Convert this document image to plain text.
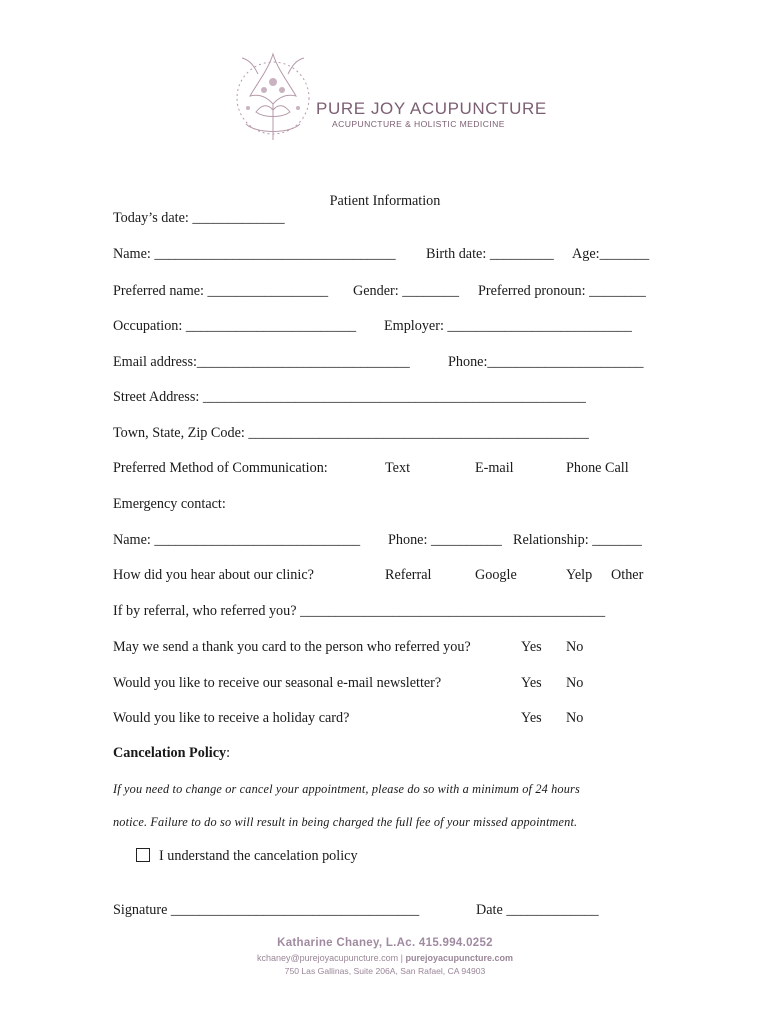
PURE JOY ACUPUNCTURE
ACUPUNCTURE & HOLISTIC MEDICINE
Patient Information
Today’s date: _____________
Name: __________________________________ Birth date: _________ Age:_______
Preferred name: _________________ Gender: ________ Preferred pronoun: ________
Occupation: ________________________ Employer: __________________________
Email address:______________________________	Phone:______________________
Street Address: ______________________________________________________
Town, State, Zip Code: ________________________________________________
Preferred Method of Communication:	Text	E-mail	Phone Call
Emergency contact:
Name: _____________________________ Phone: __________ Relationship: _______
How did you hear about our clinic?	Referral	Google	Yelp Other
If by referral, who referred you? ___________________________________________
May we send a thank you card to the person who referred you?	Yes No
Would you like to receive our seasonal e-mail newsletter?	Yes No
Would you like to receive a holiday card?	Yes No
Cancelation Policy:
If you need to change or cancel your appointment, please do so with a minimum of 24 hours
notice. Failure to do so will result in being charged the full fee of your missed appointment.
I understand the cancelation policy
Signature ___________________________________	Date _____________
Katharine Chaney, L.Ac. 415.994.0252
kchaney@purejoyacupuncture.com | purejoyacupuncture.com
750 Las Gallinas, Suite 206A, San Rafael, CA 94903
